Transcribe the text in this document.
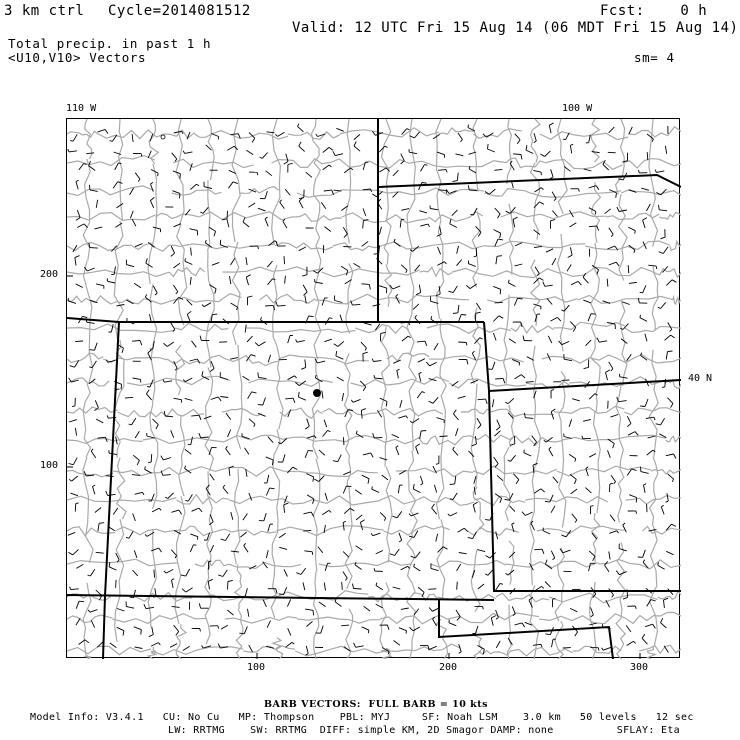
3 km ctrl Cycle=2014081512	Fcst:    0 h
Valid: 12 UTC Fri 15 Aug 14 (06 MDT Fri 15 Aug 14)
Total precip. in past 1 h
<U10,V10> Vectors	sm= 4
110 W	100 W
40 N
200
100
100	200	300
BARB VECTORS:  FULL BARB = 10 kts
Model Info: V3.4.1   CU: No Cu   MP: Thompson    PBL: MYJ     SF: Noah LSM    3.0 km   50 levels   12 sec
LW: RRTMG    SW: RRTMG  DIFF: simple KM, 2D Smagor DAMP: none          SFLAY: Eta
